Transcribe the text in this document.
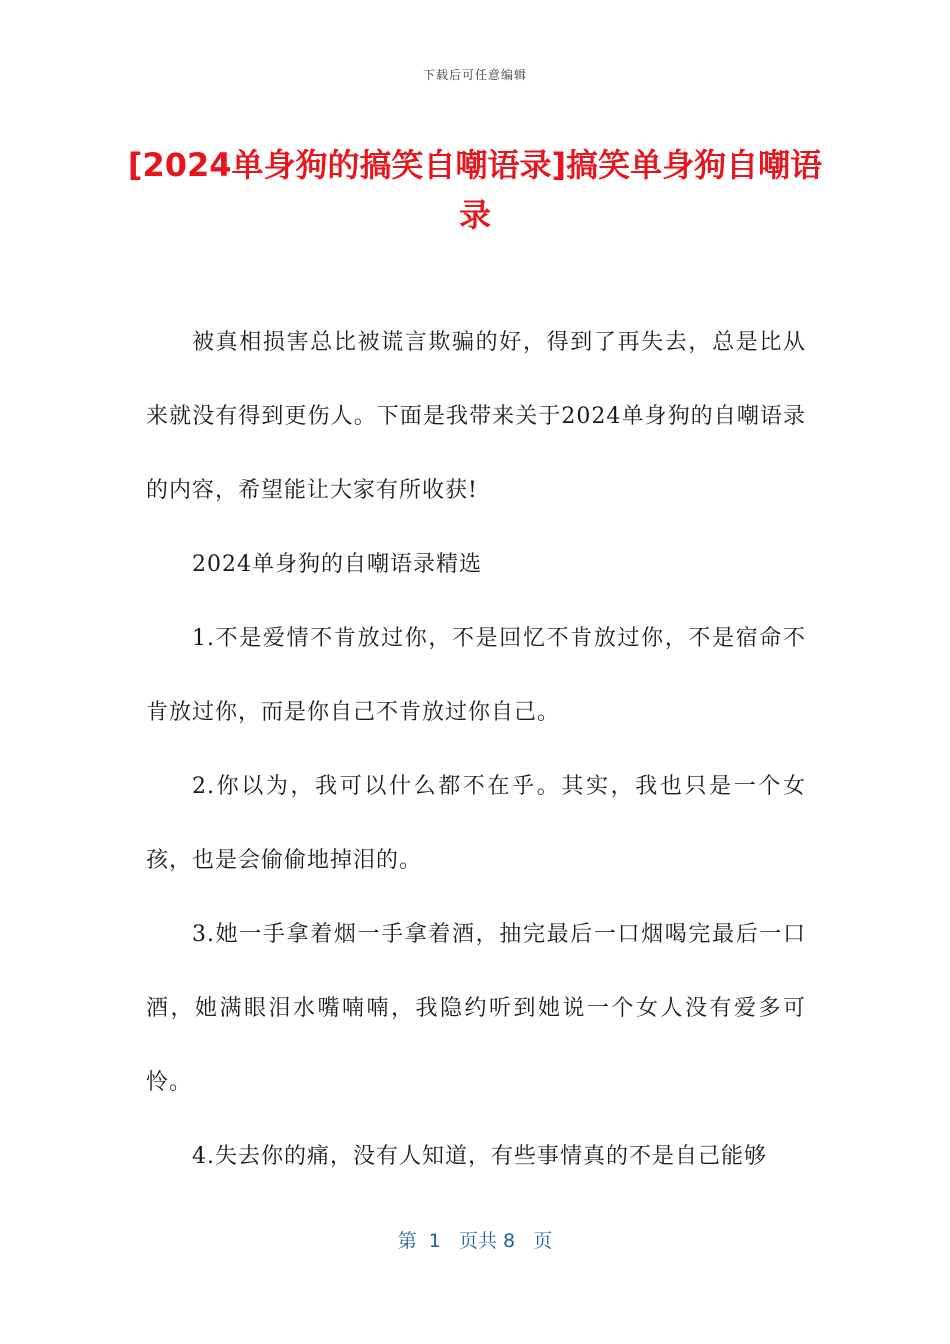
下载后可任意编辑
[2024单身狗的搞笑自嘲语录]搞笑单身狗自嘲语录

被真相损害总比被谎言欺骗的好，得到了再失去，总是比从来就没有得到更伤人。下面是我带来关于2024单身狗的自嘲语录的内容，希望能让大家有所收获!

2024单身狗的自嘲语录精选

1.不是爱情不肯放过你，不是回忆不肯放过你，不是宿命不肯放过你，而是你自己不肯放过你自己。

2.你以为，我可以什么都不在乎。其实，我也只是一个女孩，也是会偷偷地掉泪的。

3.她一手拿着烟一手拿着酒，抽完最后一口烟喝完最后一口酒，她满眼泪水嘴喃喃，我隐约听到她说一个女人没有爱多可怜。

4.失去你的痛，没有人知道，有些事情真的不是自己能够

第  1   页共 8   页
